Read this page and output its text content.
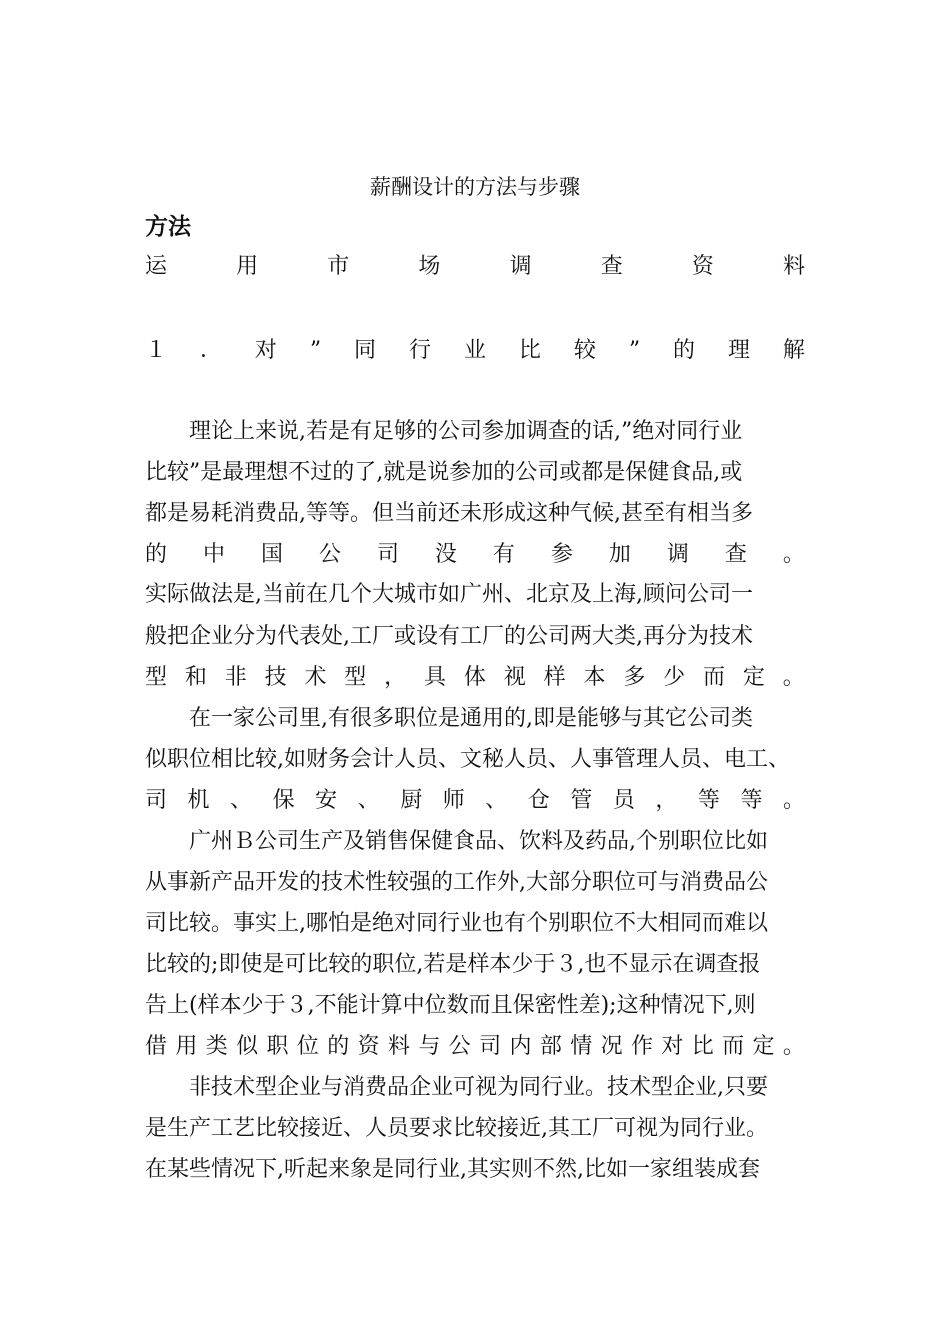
薪酬设计的方法与步骤
方法
运	用	市	场	调	查	资	料
１ ． 对 ” 同 行 业 比 较 ” 的 理 解
理论上来说,若是有足够的公司参加调查的话,”绝对同行业
比较”是最理想不过的了,就是说参加的公司或都是保健食品,或
都是易耗消费品,等等。但当前还未形成这种气候,甚至有相当多
的 中 国 公 司 没 有 参 加 调 查 。
实际做法是,当前在几个大城市如广州、北京及上海,顾问公司一
般把企业分为代表处,工厂或设有工厂的公司两大类,再分为技术
型 和 非 技 术 型 ， 具 体 视 样 本 多 少 而 定 。
在一家公司里,有很多职位是通用的,即是能够与其它公司类
似职位相比较,如财务会计人员、文秘人员、人事管理人员、电工、
司 机 、 保 安 、 厨 师 、 仓 管 员 ， 等 等 。
广州Ｂ公司生产及销售保健食品、饮料及药品,个别职位比如
从事新产品开发的技术性较强的工作外,大部分职位可与消费品公
司比较。事实上,哪怕是绝对同行业也有个别职位不大相同而难以
比较的;即使是可比较的职位,若是样本少于３,也不显示在调查报
告上(样本少于３,不能计算中位数而且保密性差);这种情况下,则
借 用 类 似 职 位 的 资 料 与 公 司 内 部 情 况 作 对 比 而 定 。
非技术型企业与消费品企业可视为同行业。技术型企业,只要
是生产工艺比较接近、人员要求比较接近,其工厂可视为同行业。
在某些情况下,听起来象是同行业,其实则不然,比如一家组装成套
